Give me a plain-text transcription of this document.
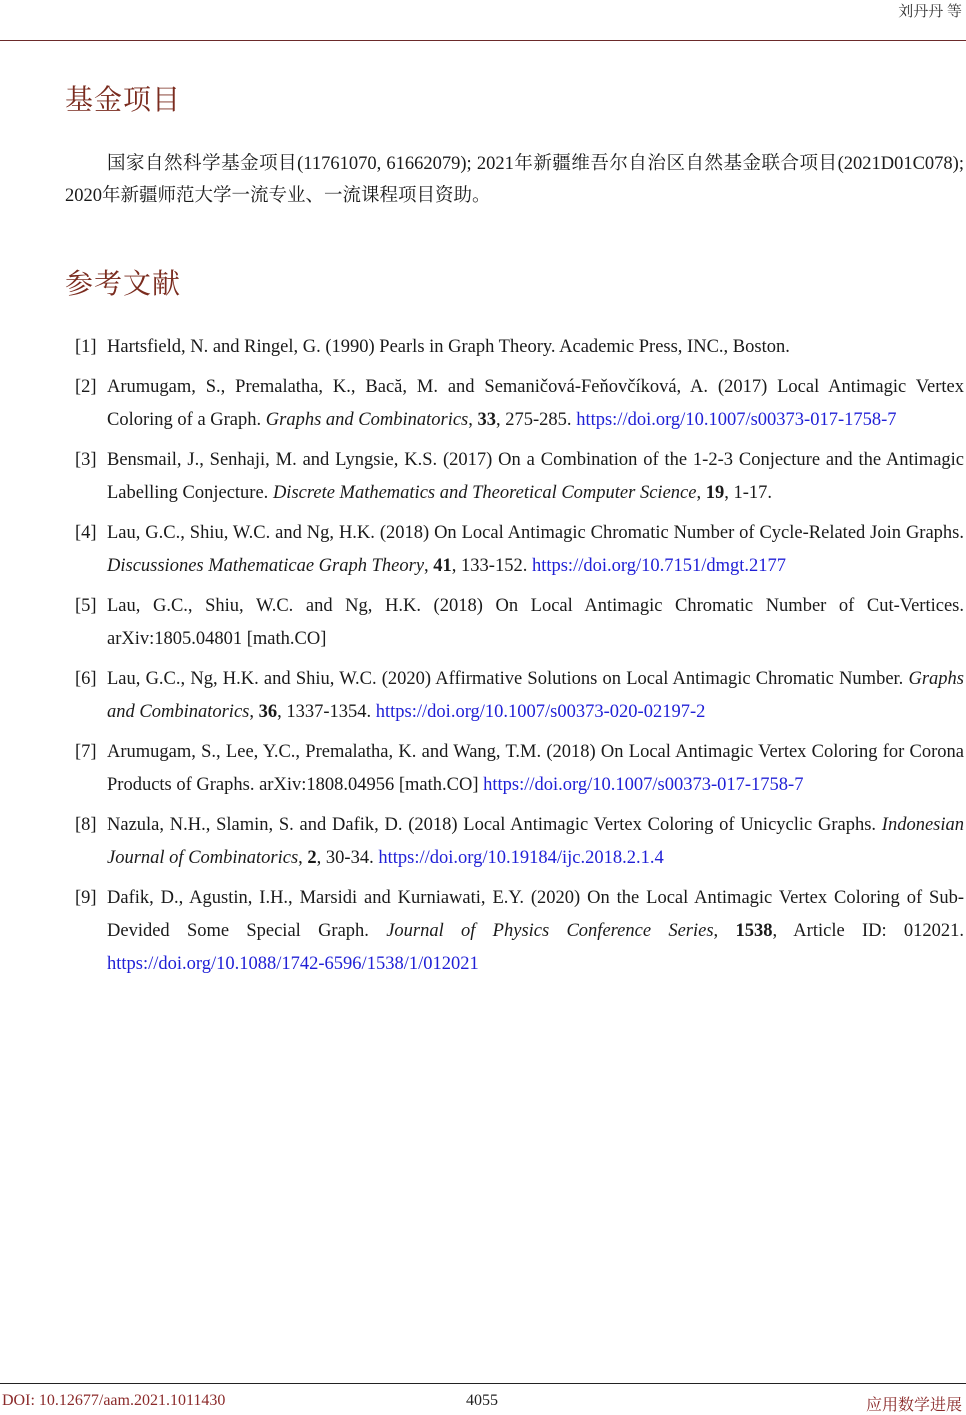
刘丹丹 等
基金项目
国家自然科学基金项目(11761070, 61662079); 2021年新疆维吾尔自治区自然基金联合项目(2021D01C078); 2020年新疆师范大学一流专业、一流课程项目资助。
参考文献
[1] Hartsfield, N. and Ringel, G. (1990) Pearls in Graph Theory. Academic Press, INC., Boston.
[2] Arumugam, S., Premalatha, K., Bacă, M. and Semaničová-Feňovčíková, A. (2017) Local Antimagic Vertex Coloring of a Graph. Graphs and Combinatorics, 33, 275-285. https://doi.org/10.1007/s00373-017-1758-7
[3] Bensmail, J., Senhaji, M. and Lyngsie, K.S. (2017) On a Combination of the 1-2-3 Conjecture and the Antimagic Labelling Conjecture. Discrete Mathematics and Theoretical Computer Science, 19, 1-17.
[4] Lau, G.C., Shiu, W.C. and Ng, H.K. (2018) On Local Antimagic Chromatic Number of Cycle-Related Join Graphs. Discussiones Mathematicae Graph Theory, 41, 133-152. https://doi.org/10.7151/dmgt.2177
[5] Lau, G.C., Shiu, W.C. and Ng, H.K. (2018) On Local Antimagic Chromatic Number of Cut-Vertices. arXiv:1805.04801 [math.CO]
[6] Lau, G.C., Ng, H.K. and Shiu, W.C. (2020) Affirmative Solutions on Local Antimagic Chromatic Number. Graphs and Combinatorics, 36, 1337-1354. https://doi.org/10.1007/s00373-020-02197-2
[7] Arumugam, S., Lee, Y.C., Premalatha, K. and Wang, T.M. (2018) On Local Antimagic Vertex Coloring for Corona Products of Graphs. arXiv:1808.04956 [math.CO] https://doi.org/10.1007/s00373-017-1758-7
[8] Nazula, N.H., Slamin, S. and Dafik, D. (2018) Local Antimagic Vertex Coloring of Unicyclic Graphs. Indonesian Journal of Combinatorics, 2, 30-34. https://doi.org/10.19184/ijc.2018.2.1.4
[9] Dafik, D., Agustin, I.H., Marsidi and Kurniawati, E.Y. (2020) On the Local Antimagic Vertex Coloring of Sub-Devided Some Special Graph. Journal of Physics Conference Series, 1538, Article ID: 012021. https://doi.org/10.1088/1742-6596/1538/1/012021
DOI: 10.12677/aam.2021.1011430	4055	应用数学进展
